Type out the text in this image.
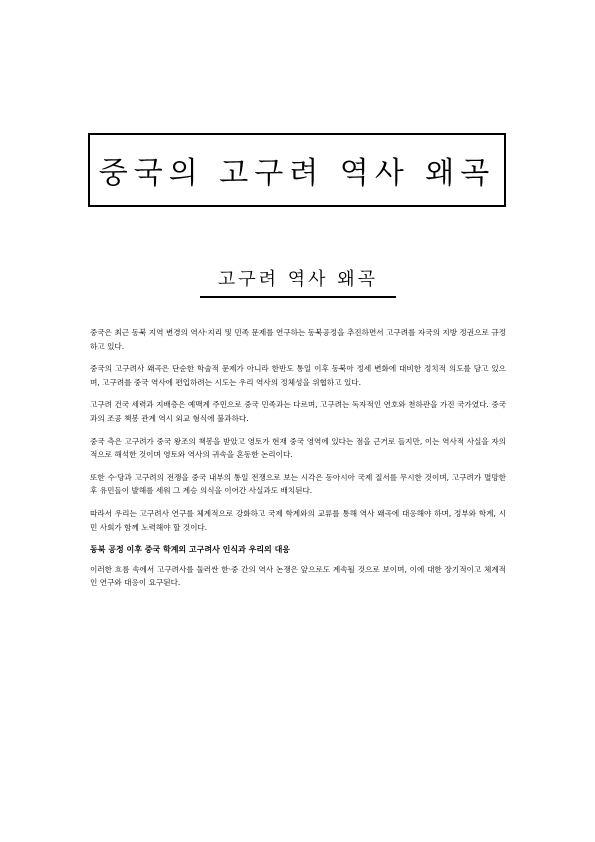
중국의 고구려 역사 왜곡
고구려 역사 왜곡

중국은 최근 동북 지역 변경의 역사·지리 및 민족 문제를 연구하는 동북공정을 추진하면서 고구려를 자국의 지방 정권으로 규정하고 있다.

중국의 고구려사 왜곡은 단순한 학술적 문제가 아니라 한반도 통일 이후 동북아 정세 변화에 대비한 정치적 의도를 담고 있으며, 고구려를 중국 역사에 편입하려는 시도는 우리 역사의 정체성을 위협하고 있다.

고구려 건국 세력과 지배층은 예맥계 주민으로 중국 민족과는 다르며, 고구려는 독자적인 연호와 천하관을 가진 국가였다. 중국과의 조공 책봉 관계 역시 외교 형식에 불과하다.

중국 측은 고구려가 중국 왕조의 책봉을 받았고 영토가 현재 중국 영역에 있다는 점을 근거로 들지만, 이는 역사적 사실을 자의적으로 해석한 것이며 영토와 역사의 귀속을 혼동한 논리이다.

또한 수·당과 고구려의 전쟁을 중국 내부의 통일 전쟁으로 보는 시각은 동아시아 국제 질서를 무시한 것이며, 고구려가 멸망한 후 유민들이 발해를 세워 그 계승 의식을 이어간 사실과도 배치된다.

따라서 우리는 고구려사 연구를 체계적으로 강화하고 국제 학계와의 교류를 통해 역사 왜곡에 대응해야 하며, 정부와 학계, 시민 사회가 함께 노력해야 할 것이다.

동북 공정 이후 중국 학계의 고구려사 인식과 우리의 대응

이러한 흐름 속에서 고구려사를 둘러싼 한·중 간의 역사 논쟁은 앞으로도 계속될 것으로 보이며, 이에 대한 장기적이고 체계적인 연구와 대응이 요구된다.
